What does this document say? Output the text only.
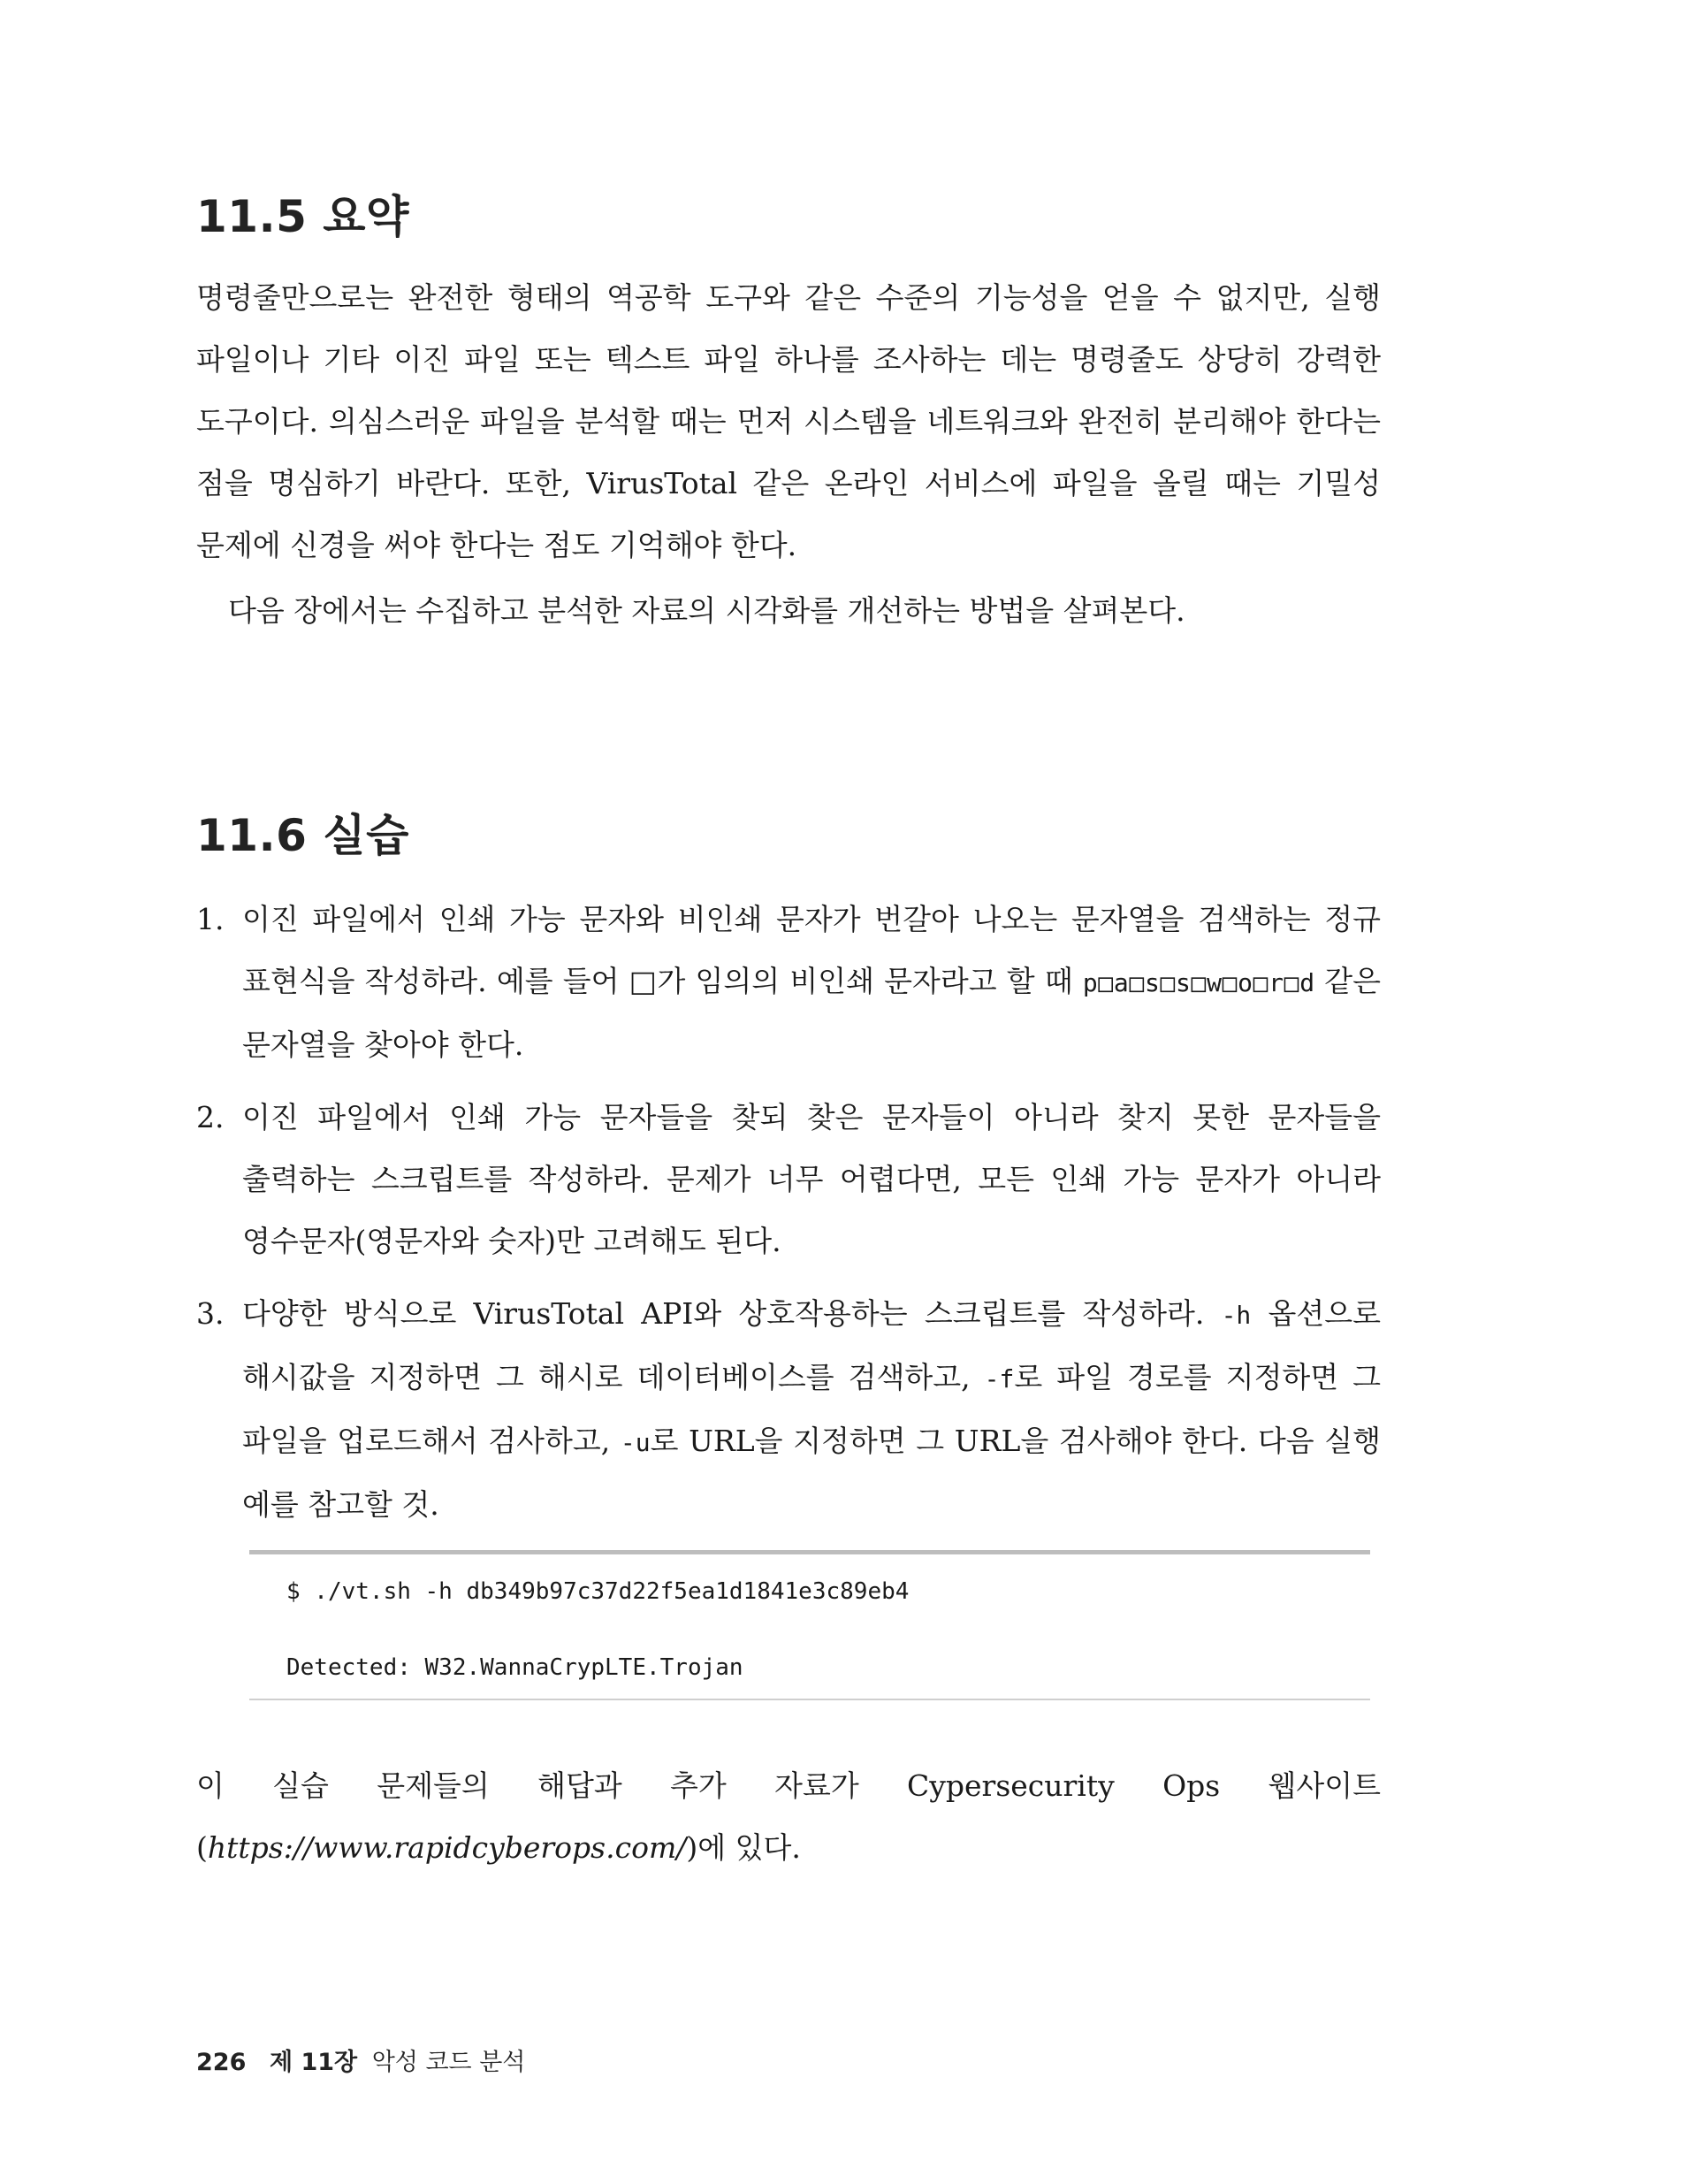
11.5 요약

명령줄만으로는 완전한 형태의 역공학 도구와 같은 수준의 기능성을 얻을 수 없지만, 실행 파일이나 기타 이진 파일 또는 텍스트 파일 하나를 조사하는 데는 명령줄도 상당히 강력한 도구이다. 의심스러운 파일을 분석할 때는 먼저 시스템을 네트워크와 완전히 분리해야 한다는 점을 명심하기 바란다. 또한, VirusTotal 같은 온라인 서비스에 파일을 올릴 때는 기밀성 문제에 신경을 써야 한다는 점도 기억해야 한다.

다음 장에서는 수집하고 분석한 자료의 시각화를 개선하는 방법을 살펴본다.

11.6 실습
1. 이진 파일에서 인쇄 가능 문자와 비인쇄 문자가 번갈아 나오는 문자열을 검색하는 정규 표현식을 작성하라. 예를 들어 □가 임의의 비인쇄 문자라고 할 때 p□a□s□s□w□o□r□d 같은 문자열을 찾아야 한다.
2. 이진 파일에서 인쇄 가능 문자들을 찾되 찾은 문자들이 아니라 찾지 못한 문자들을 출력하는 스크립트를 작성하라. 문제가 너무 어렵다면, 모든 인쇄 가능 문자가 아니라 영수문자(영문자와 숫자)만 고려해도 된다.
3. 다양한 방식으로 VirusTotal API와 상호작용하는 스크립트를 작성하라. -h 옵션으로 해시값을 지정하면 그 해시로 데이터베이스를 검색하고, -f로 파일 경로를 지정하면 그 파일을 업로드해서 검사하고, -u로 URL을 지정하면 그 URL을 검사해야 한다. 다음 실행 예를 참고할 것.
$ ./vt.sh -h db349b97c37d22f5ea1d1841e3c89eb4
Detected: W32.WannaCrypLTE.Trojan

이 실습 문제들의 해답과 추가 자료가 Cypersecurity Ops 웹사이트(https://www.rapidcyberops.com/)에 있다.

226 제 11장 악성 코드 분석
